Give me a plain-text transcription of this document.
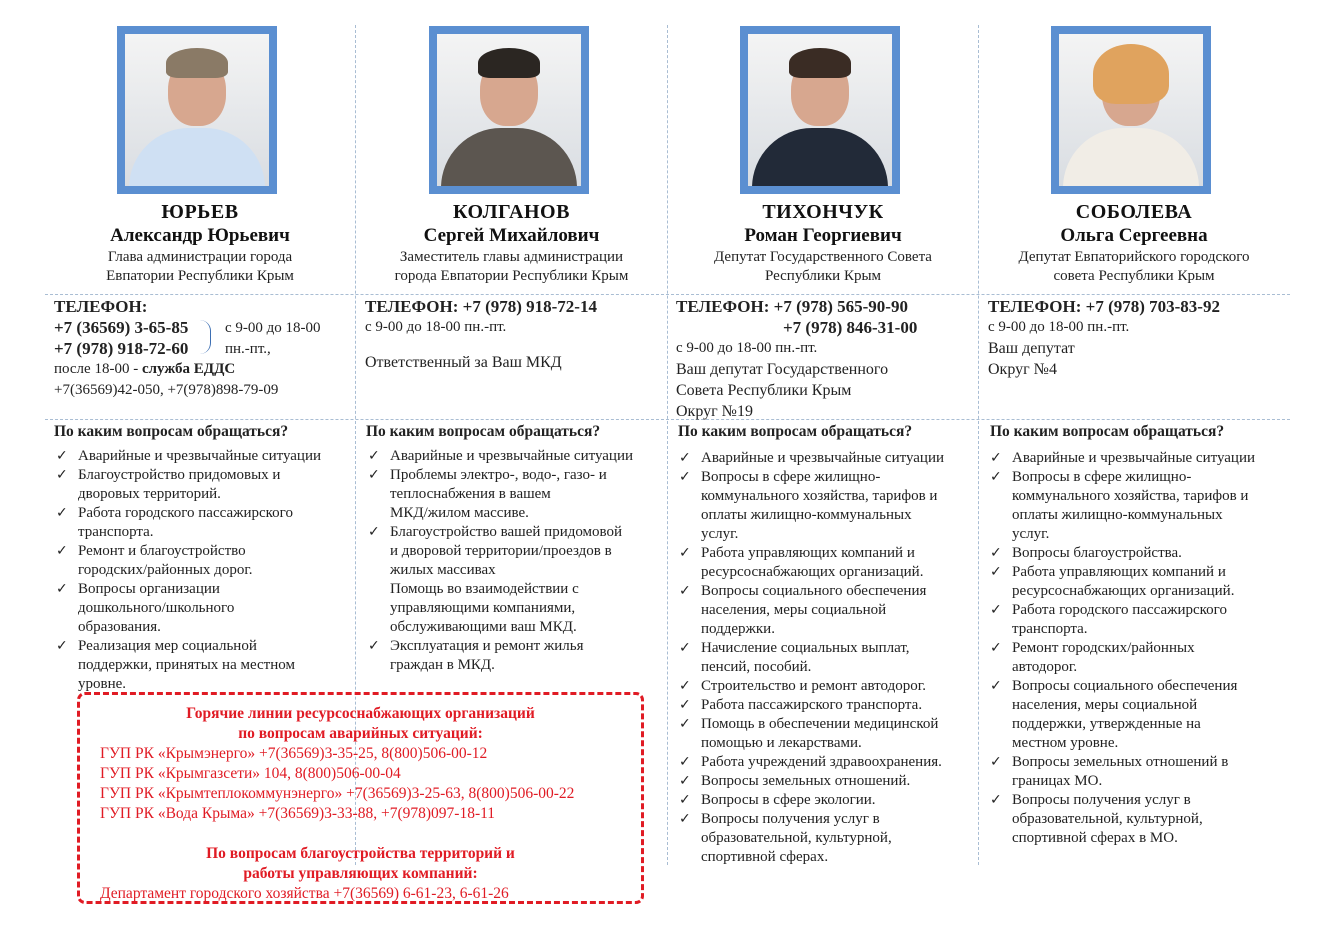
ЮРЬЕВ
Александр Юрьевич
Глава администрации города
Евпатории Республики Крым
КОЛГАНОВ
Сергей Михайлович
Заместитель главы администрации
города Евпатории Республики Крым
ТИХОНЧУК
Роман Георгиевич
Депутат Государственного Совета
Республики Крым
СОБОЛЕВА
Ольга Сергеевна
Депутат Евпаторийского городского
совета Республики Крым
ТЕЛЕФОН:
+7 (36569) 3-65-85
+7 (978) 918-72-60
с 9-00 до 18-00
пн.-пт.,
после 18-00 - служба ЕДДС
+7(36569)42-050, +7(978)898-79-09
ТЕЛЕФОН: +7 (978) 918-72-14
с 9-00 до 18-00 пн.-пт.
Ответственный за Ваш МКД
ТЕЛЕФОН: +7 (978) 565-90-90
+7 (978) 846-31-00
с 9-00 до 18-00 пн.-пт.
Ваш депутат Государственного
Совета Республики Крым
Округ №19
ТЕЛЕФОН: +7 (978) 703-83-92
с 9-00 до 18-00 пн.-пт.
Ваш депутат
Округ №4
По каким вопросам обращаться?	По каким вопросам обращаться?	По каким вопросам обращаться?	По каким вопросам обращаться?
✓ Аварийные и чрезвычайные ситуации
✓ Благоустройство придомовых и
дворовых территорий.
✓ Работа городского пассажирского
транспорта.
✓ Ремонт и благоустройство
городских/районных дорог.
✓ Вопросы организации
дошкольного/школьного
образования.
✓ Реализация мер социальной
поддержки, принятых на местном
уровне.
✓ Аварийные и чрезвычайные ситуации
✓ Проблемы электро-, водо-, газо- и
теплоснабжения в вашем
МКД/жилом массиве.
✓ Благоустройство вашей придомовой
и дворовой территории/проездов в
жилых массивах
Помощь во взаимодействии с
управляющими компаниями,
обслуживающими ваш МКД.
✓ Эксплуатация и ремонт жилья
граждан в МКД.
✓ Аварийные и чрезвычайные ситуации
✓ Вопросы в сфере жилищно-
коммунального хозяйства, тарифов и
оплаты жилищно-коммунальных
услуг.
✓ Работа управляющих компаний и
ресурсоснабжающих организаций.
✓ Вопросы социального обеспечения
населения, меры социальной
поддержки.
✓ Начисление социальных выплат,
пенсий, пособий.
✓ Строительство и ремонт автодорог.
✓ Работа пассажирского транспорта.
✓ Помощь в обеспечении медицинской
помощью и лекарствами.
✓ Работа учреждений здравоохранения.
✓ Вопросы земельных отношений.
✓ Вопросы в сфере экологии.
✓ Вопросы получения услуг в
образовательной, культурной,
спортивной сферах.
✓ Аварийные и чрезвычайные ситуации
✓ Вопросы в сфере жилищно-
коммунального хозяйства, тарифов и
оплаты жилищно-коммунальных
услуг.
✓ Вопросы благоустройства.
✓ Работа управляющих компаний и
ресурсоснабжающих организаций.
✓ Работа городского пассажирского
транспорта.
✓ Ремонт городских/районных
автодорог.
✓ Вопросы социального обеспечения
населения, меры социальной
поддержки, утвержденные на
местном уровне.
✓ Вопросы земельных отношений в
границах МО.
✓ Вопросы получения услуг в
образовательной, культурной,
спортивной сферах в МО.
Горячие линии ресурсоснабжающих организаций
по вопросам аварийных ситуаций:
ГУП РК «Крымэнерго» +7(36569)3-35-25, 8(800)506-00-12
ГУП РК «Крымгазсети» 104, 8(800)506-00-04
ГУП РК «Крымтеплокоммунэнерго» +7(36569)3-25-63, 8(800)506-00-22
ГУП РК «Вода Крыма» +7(36569)3-33-88, +7(978)097-18-11
По вопросам благоустройства территорий и
работы управляющих компаний:
Департамент городского хозяйства +7(36569) 6-61-23, 6-61-26
